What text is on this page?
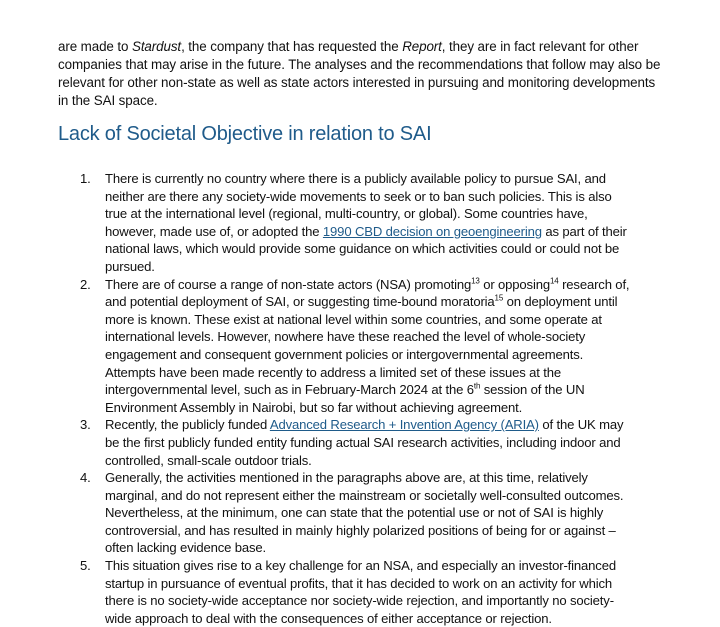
are made to Stardust, the company that has requested the Report, they are in fact relevant for other companies that may arise in the future. The analyses and the recommendations that follow may also be relevant for other non-state as well as state actors interested in pursuing and monitoring developments in the SAI space.

Lack of Societal Objective in relation to SAI
1. There is currently no country where there is a publicly available policy to pursue SAI, and neither are there any society-wide movements to seek or to ban such policies. This is also true at the international level (regional, multi-country, or global). Some countries have, however, made use of, or adopted the 1990 CBD decision on geoengineering as part of their national laws, which would provide some guidance on which activities could or could not be pursued.
2. There are of course a range of non-state actors (NSA) promoting$^{13}$ or opposing$^{14}$ research of, and potential deployment of SAI, or suggesting time-bound moratoria$^{15}$ on deployment until more is known. These exist at national level within some countries, and some operate at international levels. However, nowhere have these reached the level of whole-society engagement and consequent government policies or intergovernmental agreements. Attempts have been made recently to address a limited set of these issues at the intergovernmental level, such as in February-March 2024 at the 6th session of the UN Environment Assembly in Nairobi, but so far without achieving agreement.
3. Recently, the publicly funded Advanced Research + Invention Agency (ARIA) of the UK may be the first publicly funded entity funding actual SAI research activities, including indoor and controlled, small-scale outdoor trials.
4. Generally, the activities mentioned in the paragraphs above are, at this time, relatively marginal, and do not represent either the mainstream or societally well-consulted outcomes. Nevertheless, at the minimum, one can state that the potential use or not of SAI is highly controversial, and has resulted in mainly highly polarized positions of being for or against – often lacking evidence base.
5. This situation gives rise to a key challenge for an NSA, and especially an investor-financed startup in pursuance of eventual profits, that it has decided to work on an activity for which there is no society-wide acceptance nor society-wide rejection, and importantly no society-wide approach to deal with the consequences of either acceptance or rejection.
